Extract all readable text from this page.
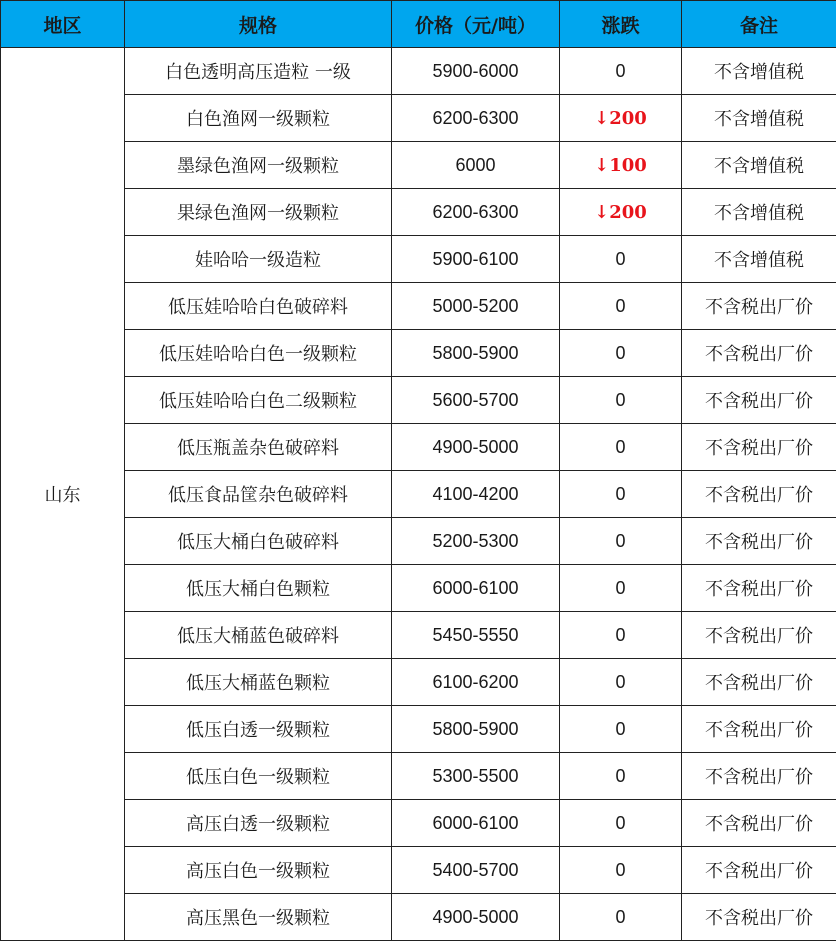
地区	规格	价格（元/吨）	涨跌	备注
山东	白色透明高压造粒 一级	5900-6000	0	不含增值税
	白色渔网一级颗粒	6200-6300	↓200	不含增值税
	墨绿色渔网一级颗粒	6000	↓100	不含增值税
	果绿色渔网一级颗粒	6200-6300	↓200	不含增值税
	娃哈哈一级造粒	5900-6100	0	不含增值税
	低压娃哈哈白色破碎料	5000-5200	0	不含税出厂价
	低压娃哈哈白色一级颗粒	5800-5900	0	不含税出厂价
	低压娃哈哈白色二级颗粒	5600-5700	0	不含税出厂价
	低压瓶盖杂色破碎料	4900-5000	0	不含税出厂价
	低压食品筐杂色破碎料	4100-4200	0	不含税出厂价
	低压大桶白色破碎料	5200-5300	0	不含税出厂价
	低压大桶白色颗粒	6000-6100	0	不含税出厂价
	低压大桶蓝色破碎料	5450-5550	0	不含税出厂价
	低压大桶蓝色颗粒	6100-6200	0	不含税出厂价
	低压白透一级颗粒	5800-5900	0	不含税出厂价
	低压白色一级颗粒	5300-5500	0	不含税出厂价
	高压白透一级颗粒	6000-6100	0	不含税出厂价
	高压白色一级颗粒	5400-5700	0	不含税出厂价
	高压黑色一级颗粒	4900-5000	0	不含税出厂价
